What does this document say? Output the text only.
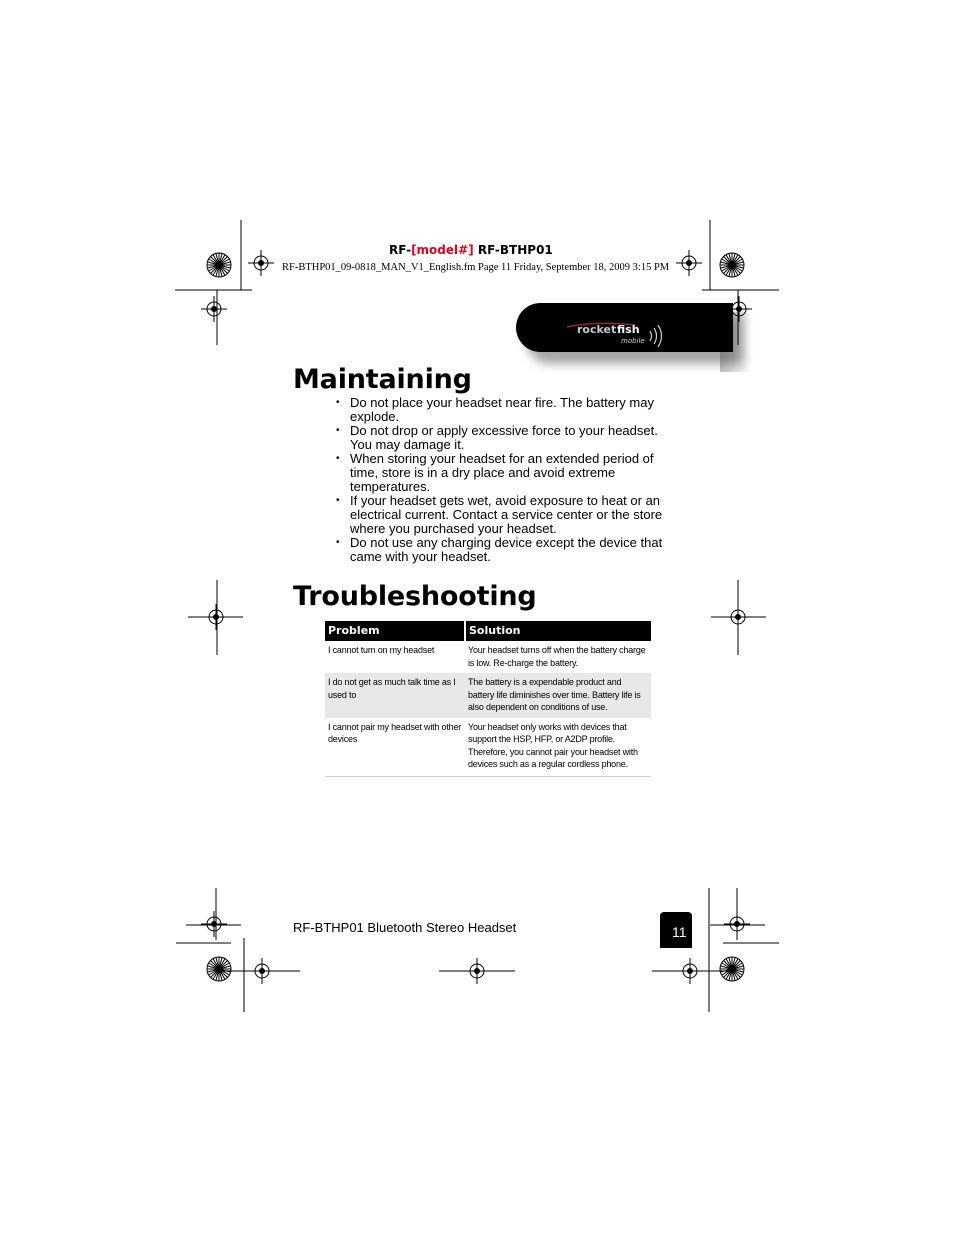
RF-[model#] RF-BTHP01
RF-BTHP01_09-0818_MAN_V1_English.fm Page 11 Friday, September 18, 2009 3:15 PM
rocket fish
mobile
Maintaining
• Do not place your headset near fire. The battery may explode.
• Do not drop or apply excessive force to your headset. You may damage it.
• When storing your headset for an extended period of time, store is in a dry place and avoid extreme temperatures.
• If your headset gets wet, avoid exposure to heat or an electrical current. Contact a service center or the store where you purchased your headset.
• Do not use any charging device except the device that came with your headset.
Troubleshooting
Problem	Solution
I cannot turn on my headset	Your headset turns off when the battery charge is low. Re-charge the battery.
I do not get as much talk time as I used to	The battery is a expendable product and battery life diminishes over time. Battery life is also dependent on conditions of use.
I cannot pair my headset with other devices	Your headset only works with devices that support the HSP, HFP, or A2DP profile. Therefore, you cannot pair your headset with devices such as a regular cordless phone.
RF-BTHP01 Bluetooth Stereo Headset	11
